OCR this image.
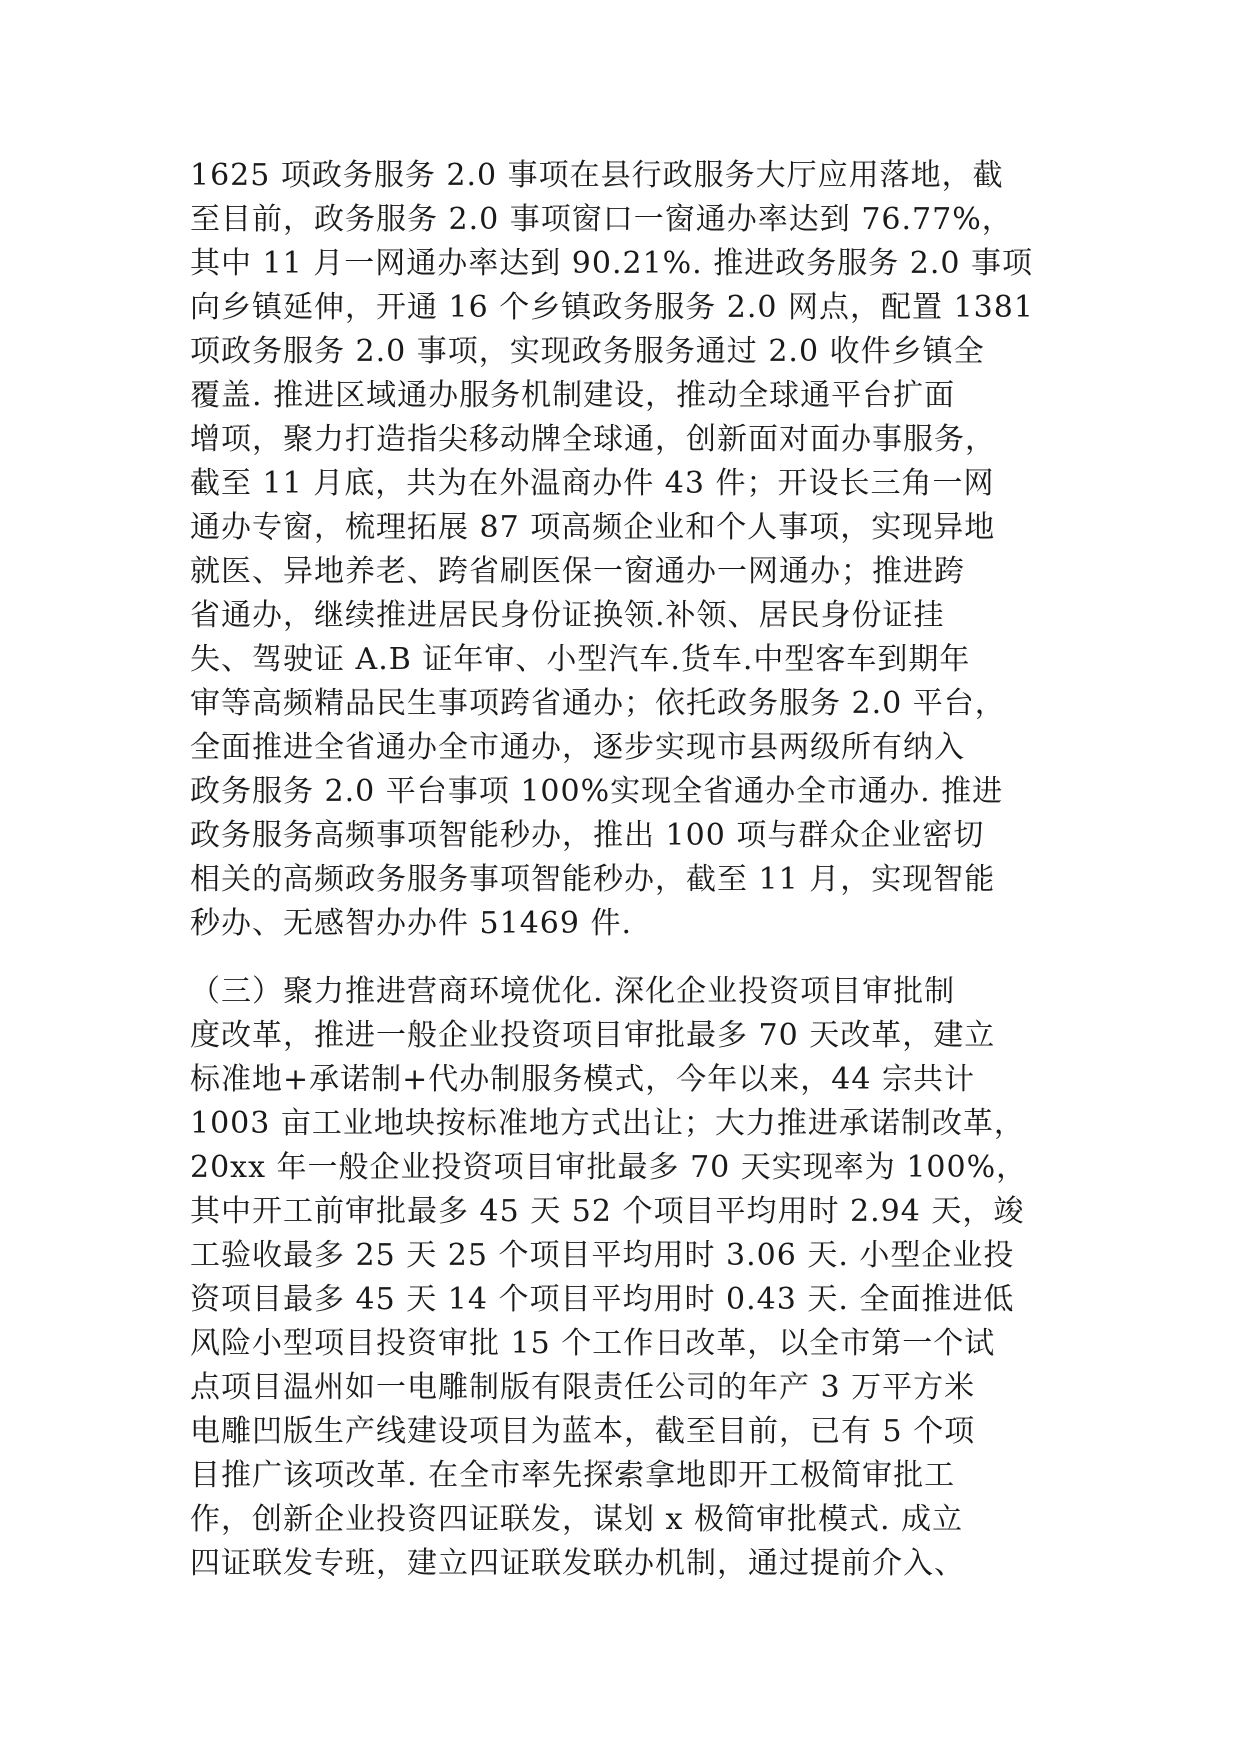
1625 项政务服务 2.0 事项在县行政服务大厅应用落地，截
至目前，政务服务 2.0 事项窗口一窗通办率达到 76.77%，
其中 11 月一网通办率达到 90.21%. 推进政务服务 2.0 事项
向乡镇延伸，开通 16 个乡镇政务服务 2.0 网点，配置 1381
项政务服务 2.0 事项，实现政务服务通过 2.0 收件乡镇全
覆盖. 推进区域通办服务机制建设，推动全球通平台扩面
增项，聚力打造指尖移动牌全球通，创新面对面办事服务，
截至 11 月底，共为在外温商办件 43 件；开设长三角一网
通办专窗，梳理拓展 87 项高频企业和个人事项，实现异地
就医、异地养老、跨省刷医保一窗通办一网通办；推进跨
省通办，继续推进居民身份证换领.补领、居民身份证挂
失、驾驶证 A.B 证年审、小型汽车.货车.中型客车到期年
审等高频精品民生事项跨省通办；依托政务服务 2.0 平台，
全面推进全省通办全市通办，逐步实现市县两级所有纳入
政务服务 2.0 平台事项 100%实现全省通办全市通办. 推进
政务服务高频事项智能秒办，推出 100 项与群众企业密切
相关的高频政务服务事项智能秒办，截至 11 月，实现智能
秒办、无感智办办件 51469 件.
（三）聚力推进营商环境优化. 深化企业投资项目审批制
度改革，推进一般企业投资项目审批最多 70 天改革，建立
标准地+承诺制+代办制服务模式，今年以来，44 宗共计
1003 亩工业地块按标准地方式出让；大力推进承诺制改革，
20xx 年一般企业投资项目审批最多 70 天实现率为 100%，
其中开工前审批最多 45 天 52 个项目平均用时 2.94 天，竣
工验收最多 25 天 25 个项目平均用时 3.06 天. 小型企业投
资项目最多 45 天 14 个项目平均用时 0.43 天. 全面推进低
风险小型项目投资审批 15 个工作日改革，以全市第一个试
点项目温州如一电雕制版有限责任公司的年产 3 万平方米
电雕凹版生产线建设项目为蓝本，截至目前，已有 5 个项
目推广该项改革. 在全市率先探索拿地即开工极简审批工
作，创新企业投资四证联发，谋划 x 极简审批模式. 成立
四证联发专班，建立四证联发联办机制，通过提前介入、
